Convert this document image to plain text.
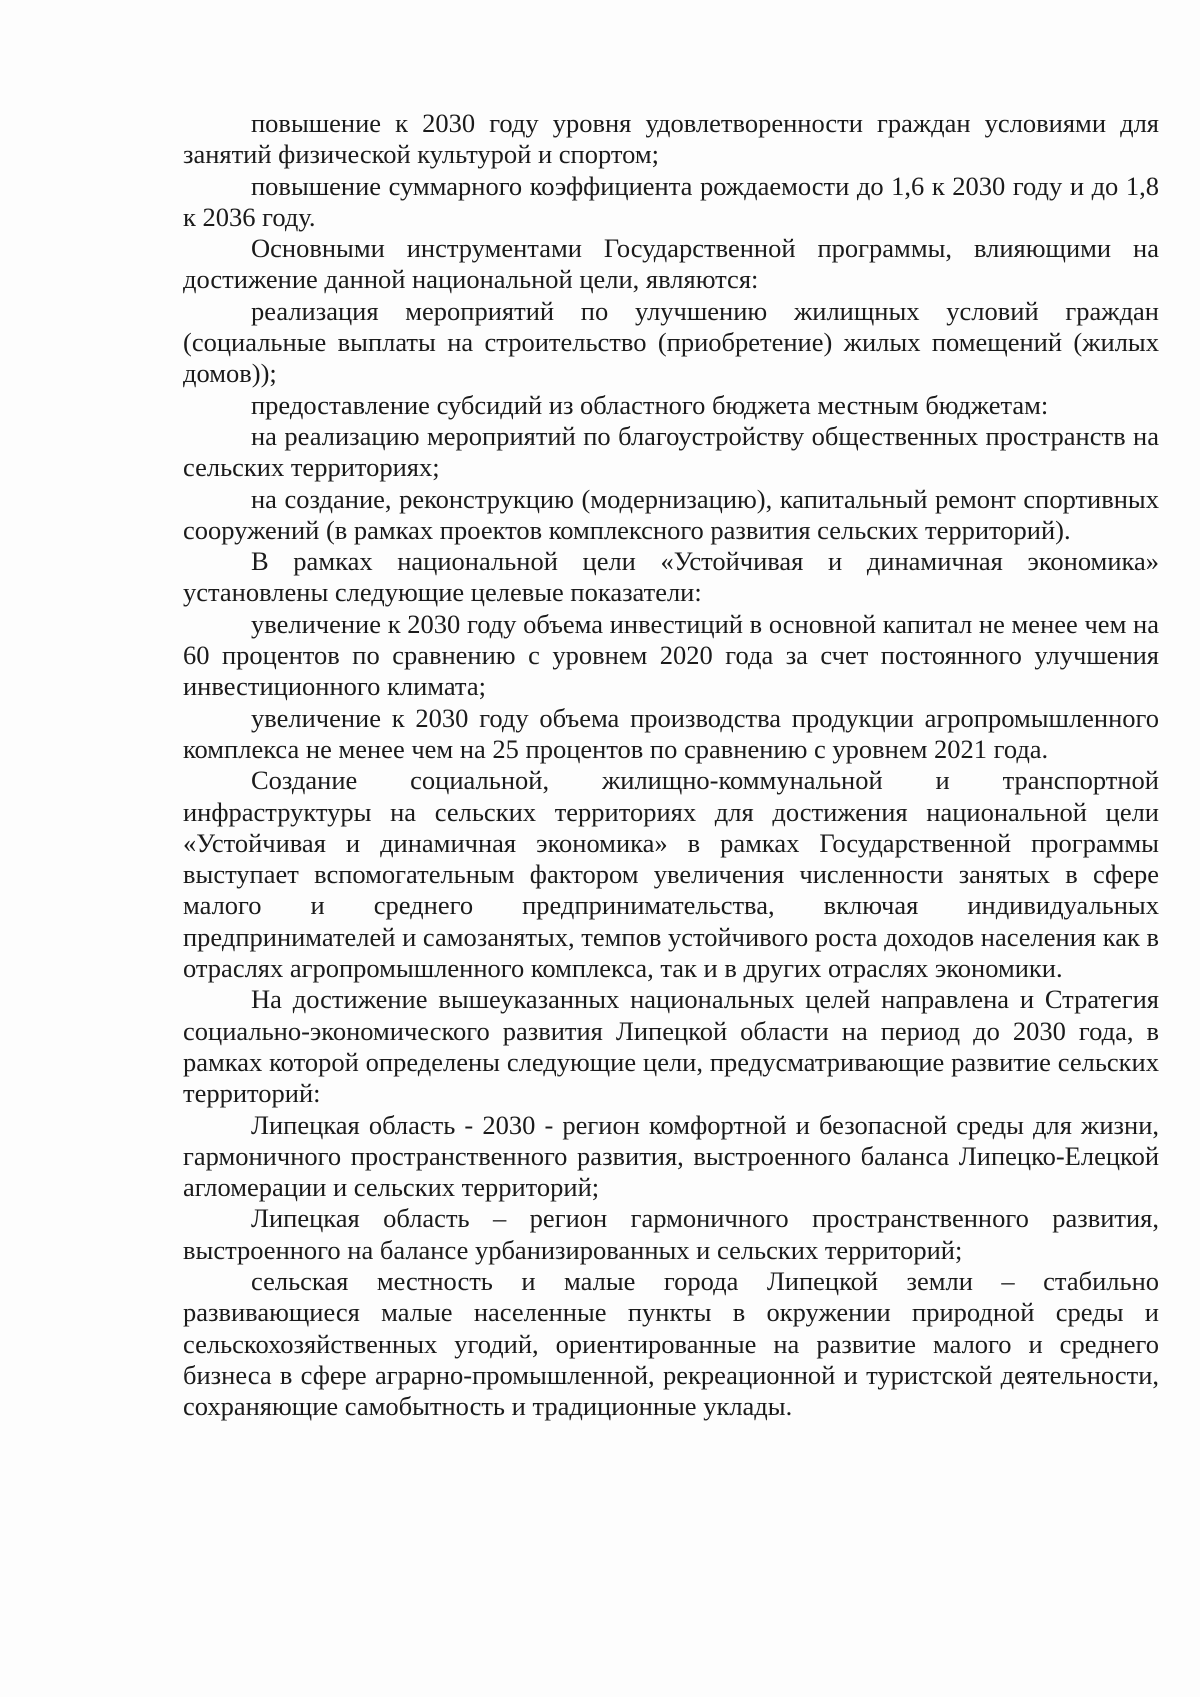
повышение к 2030 году уровня удовлетворенности граждан условиями для занятий физической культурой и спортом;

повышение суммарного коэффициента рождаемости до 1,6 к 2030 году и до 1,8 к 2036 году.

Основными инструментами Государственной программы, влияющими на достижение данной национальной цели, являются:

реализация мероприятий по улучшению жилищных условий граждан (социальные выплаты на строительство (приобретение) жилых помещений (жилых домов));

предоставление субсидий из областного бюджета местным бюджетам:

на реализацию мероприятий по благоустройству общественных пространств на сельских территориях;

на создание, реконструкцию (модернизацию), капитальный ремонт спортивных сооружений (в рамках проектов комплексного развития сельских территорий).

В рамках национальной цели «Устойчивая и динамичная экономика» установлены следующие целевые показатели:

увеличение к 2030 году объема инвестиций в основной капитал не менее чем на 60 процентов по сравнению с уровнем 2020 года за счет постоянного улучшения инвестиционного климата;

увеличение к 2030 году объема производства продукции агропромышленного комплекса не менее чем на 25 процентов по сравнению с уровнем 2021 года.

Создание социальной, жилищно-коммунальной и транспортной инфраструктуры на сельских территориях для достижения национальной цели «Устойчивая и динамичная экономика» в рамках Государственной программы выступает вспомогательным фактором увеличения численности занятых в сфере малого и среднего предпринимательства, включая индивидуальных предпринимателей и самозанятых, темпов устойчивого роста доходов населения как в отраслях агропромышленного комплекса, так и в других отраслях экономики.

На достижение вышеуказанных национальных целей направлена и Стратегия социально-экономического развития Липецкой области на период до 2030 года, в рамках которой определены следующие цели, предусматривающие развитие сельских территорий:

Липецкая область - 2030 - регион комфортной и безопасной среды для жизни, гармоничного пространственного развития, выстроенного баланса Липецко-Елецкой агломерации и сельских территорий;

Липецкая область – регион гармоничного пространственного развития, выстроенного на балансе урбанизированных и сельских территорий;

сельская местность и малые города Липецкой земли – стабильно развивающиеся малые населенные пункты в окружении природной среды и сельскохозяйственных угодий, ориентированные на развитие малого и среднего бизнеса в сфере аграрно-промышленной, рекреационной и туристской деятельности, сохраняющие самобытность и традиционные уклады.
